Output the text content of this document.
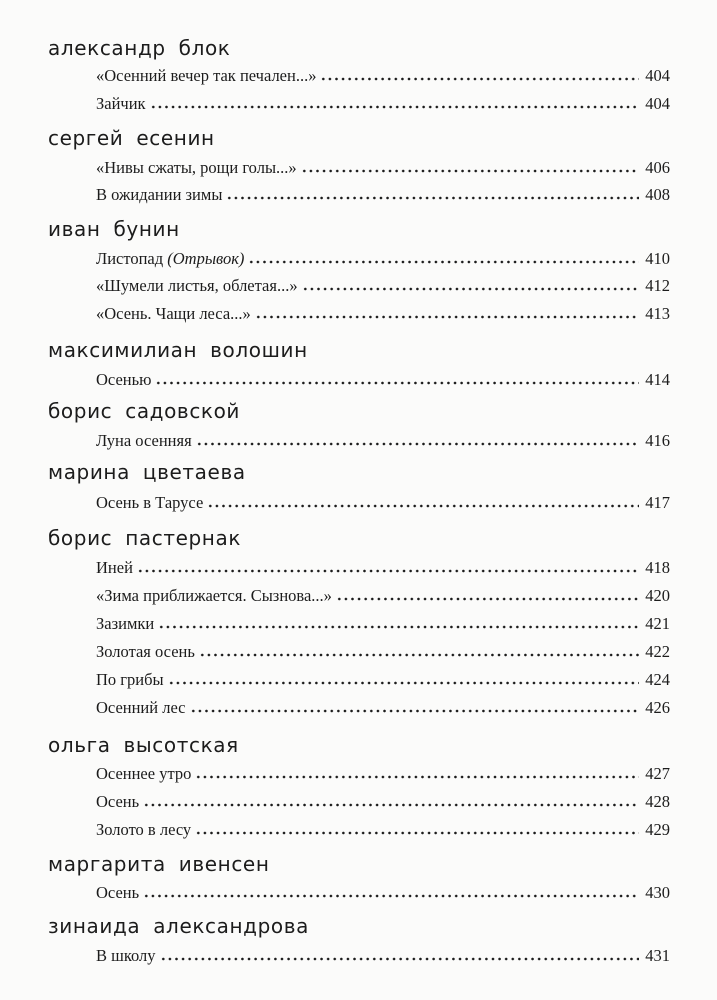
александр блок
«Осенний вечер так печален...»	404
Зайчик	404
сергей есенин
«Нивы сжаты, рощи голы...»	406
В ожидании зимы	408
иван бунин
Листопад (Отрывок)	410
«Шумели листья, облетая...»	412
«Осень. Чащи леса...»	413
максимилиан волошин
Осенью	414
борис садовской
Луна осенняя	416
марина цветаева
Осень в Тарусе	417
борис пастернак
Иней	418
«Зима приближается. Сызнова...»	420
Зазимки	421
Золотая осень	422
По грибы	424
Осенний лес	426
ольга высотская
Осеннее утро	427
Осень	428
Золото в лесу	429
маргарита ивенсен
Осень	430
зинаида александрова
В школу	431
